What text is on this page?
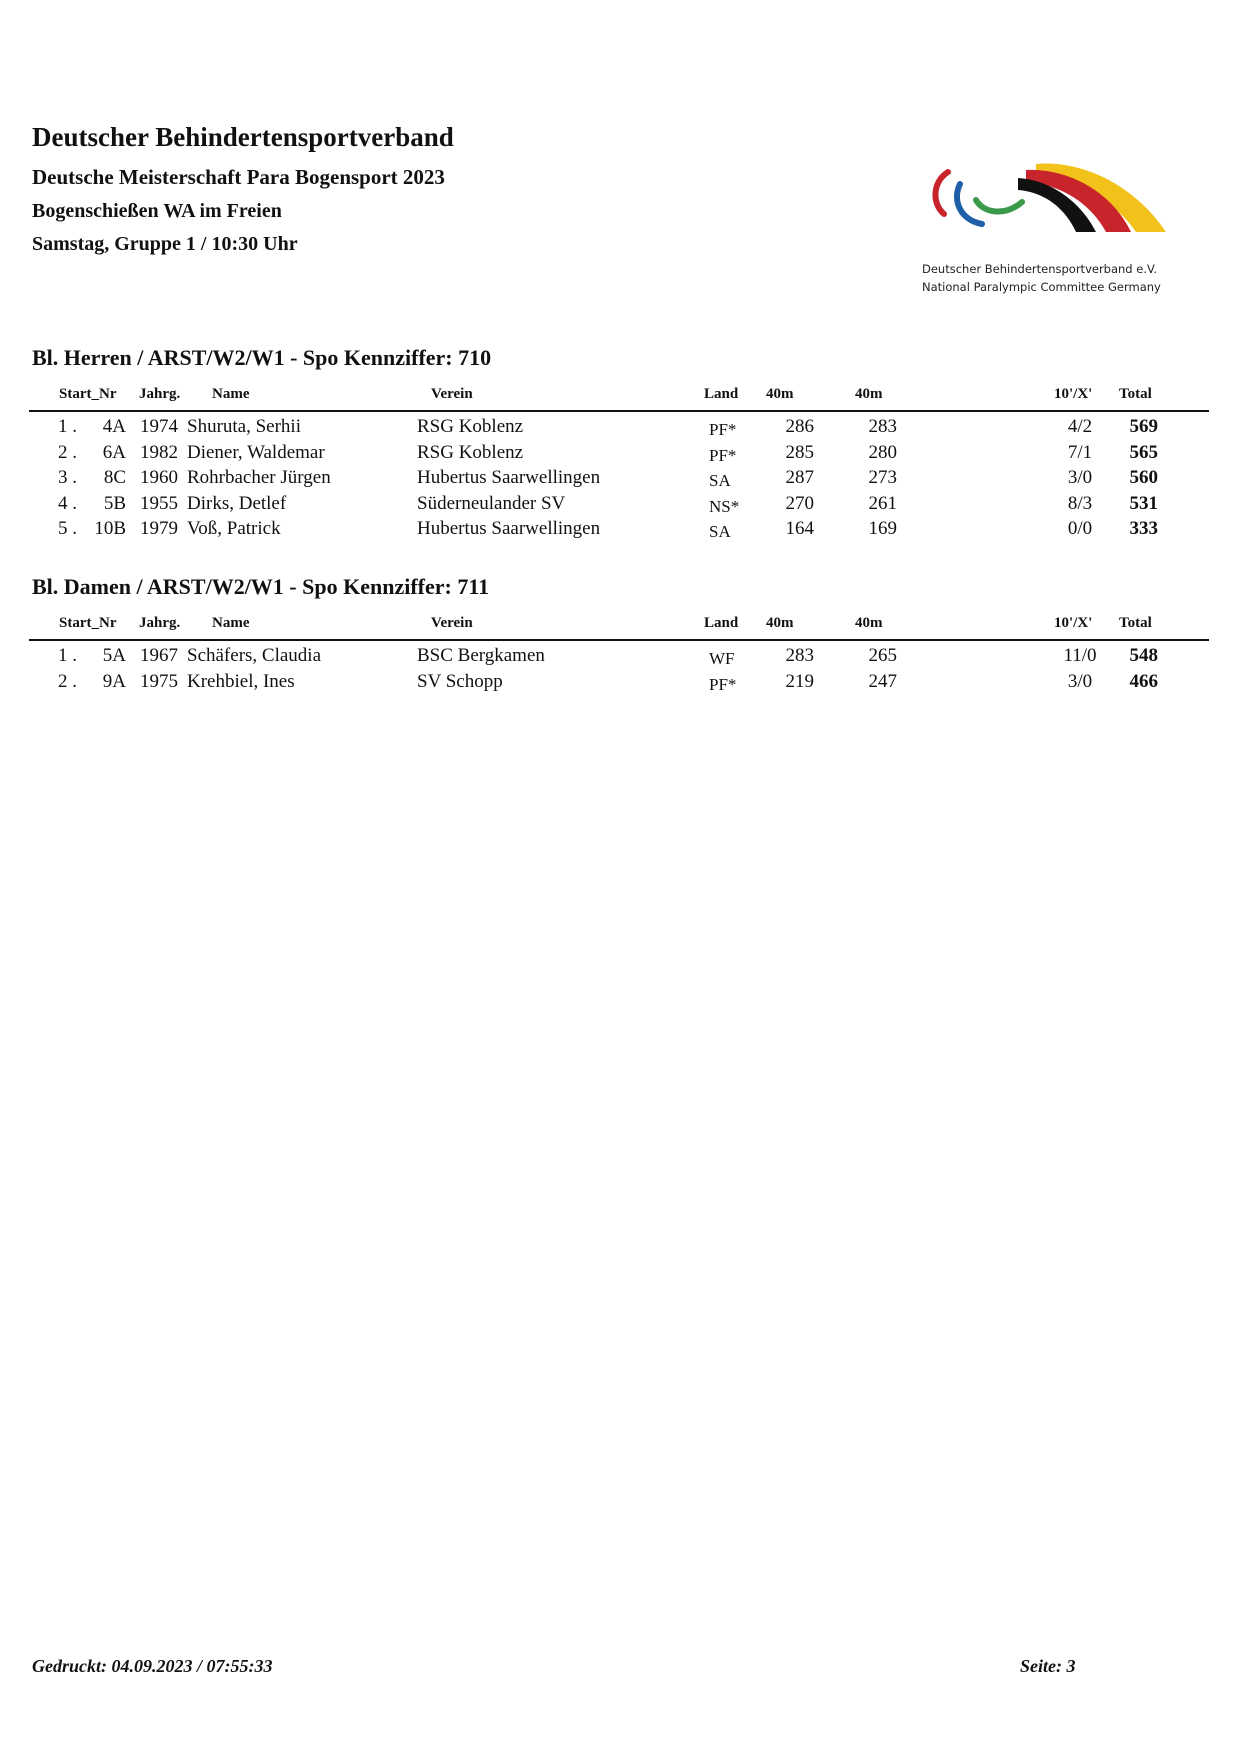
Deutscher Behindertensportverband
Deutsche Meisterschaft Para Bogensport 2023
Bogenschießen WA im Freien
Samstag, Gruppe 1 / 10:30 Uhr
Deutscher Behindertensportverband e.V.
National Paralympic Committee Germany
Bl. Herren / ARST/W2/W1 - Spo Kennziffer: 710
Start_Nr Jahrg. Name	Verein	Land 40m	40m	10'/X' Total
1 .	4A 1974 Shuruta, Serhii	RSG Koblenz	PF*	286	283	4/2	569
2 .	6A 1982 Diener, Waldemar	RSG Koblenz	PF*	285	280	7/1	565
3 .	8C 1960 Rohrbacher Jürgen	Hubertus Saarwellingen	SA	287	273	3/0	560
4 .	5B 1955 Dirks, Detlef	Süderneulander SV	NS*	270	261	8/3	531
5 . 10B 1979 Voß, Patrick	Hubertus Saarwellingen	SA	164	169	0/0	333
Bl. Damen / ARST/W2/W1 - Spo Kennziffer: 711
Start_Nr Jahrg. Name	Verein	Land 40m	40m	10'/X' Total
1 .	5A 1967 Schäfers, Claudia	BSC Bergkamen	WF	283	265	11/0	548
2 .	9A 1975 Krehbiel, Ines	SV Schopp	PF*	219	247	3/0	466
Gedruckt: 04.09.2023 / 07:55:33	Seite: 3
